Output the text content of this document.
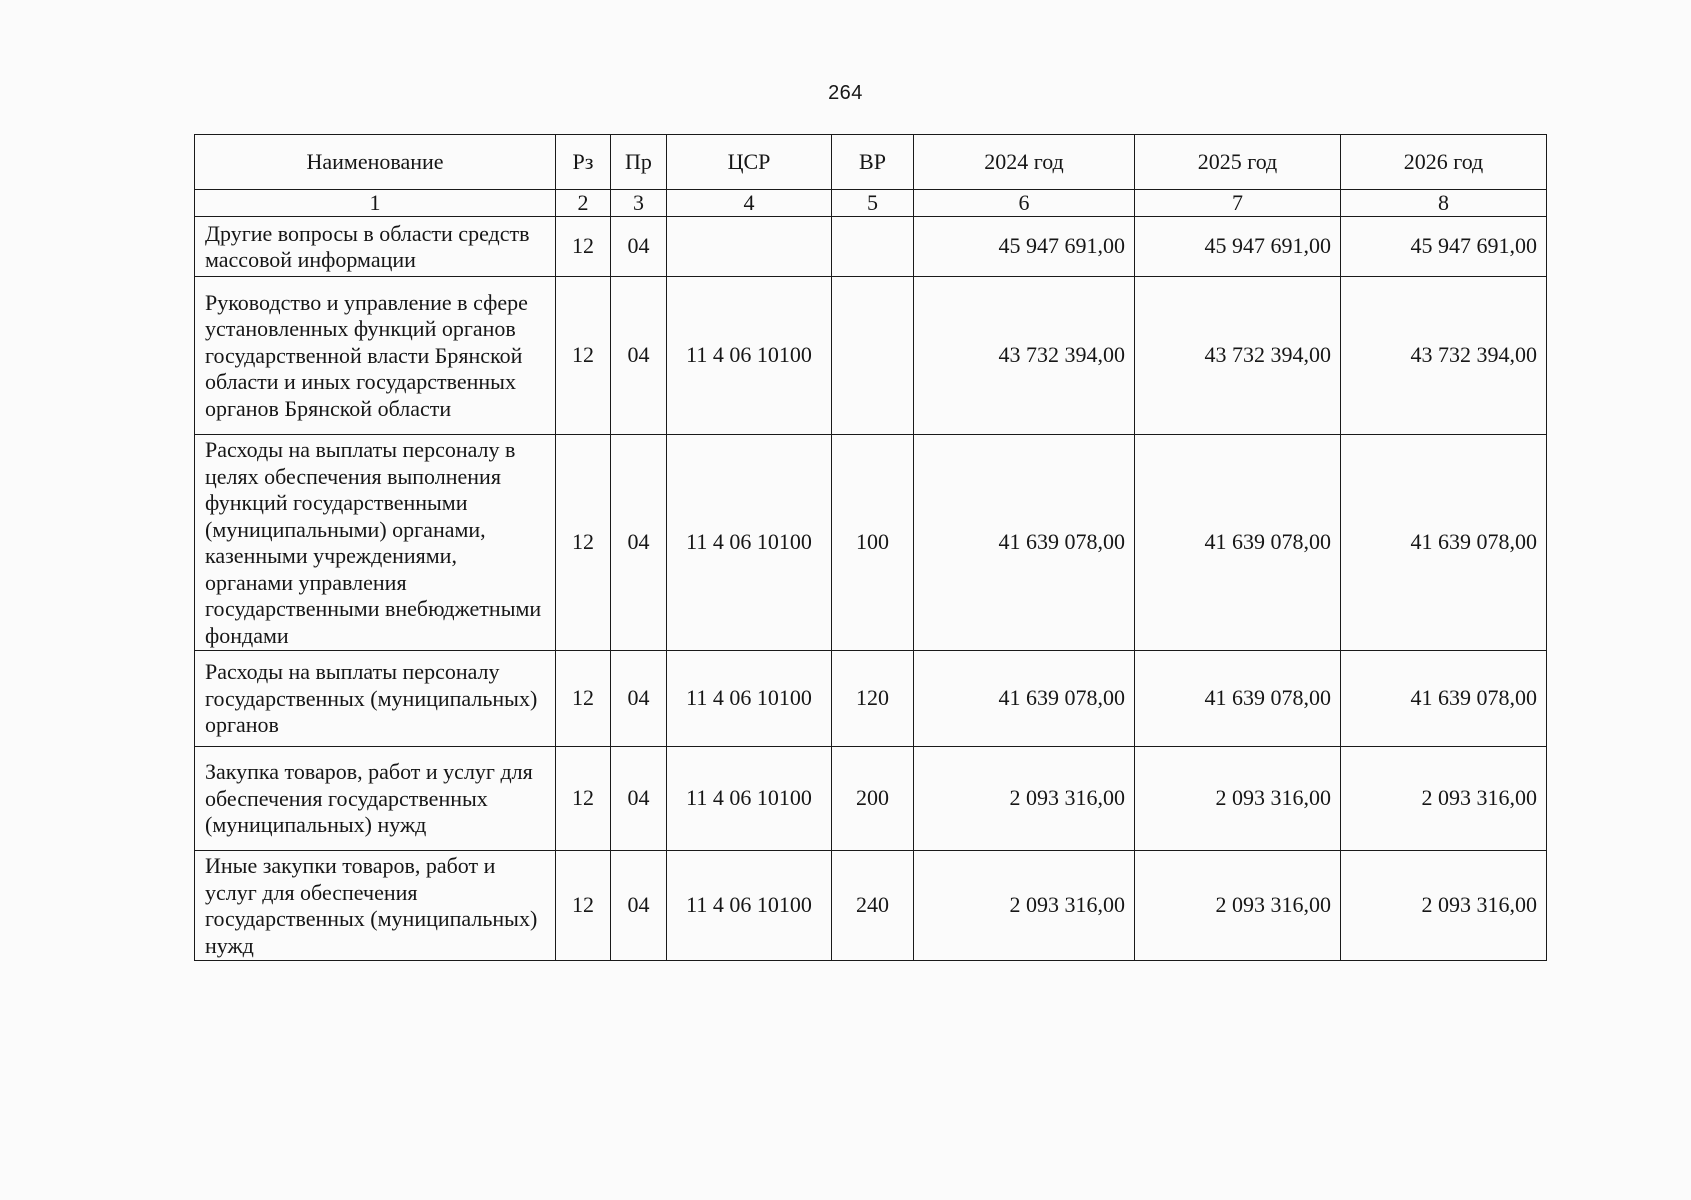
264
Наименование	Рз	Пр	ЦСР	ВР	2024 год	2025 год	2026 год
1	2	3	4	5	6	7	8
Другие вопросы в области средств массовой информации	12	04			45 947 691,00	45 947 691,00	45 947 691,00
Руководство и управление в сфере установленных функций органов государственной власти Брянской области и иных государственных органов Брянской области	12	04	11 4 06 10100		43 732 394,00	43 732 394,00	43 732 394,00
Расходы на выплаты персоналу в целях обеспечения выполнения функций государственными (муниципальными) органами, казенными учреждениями, органами управления государственными внебюджетными фондами	12	04	11 4 06 10100	100	41 639 078,00	41 639 078,00	41 639 078,00
Расходы на выплаты персоналу государственных (муниципальных) органов	12	04	11 4 06 10100	120	41 639 078,00	41 639 078,00	41 639 078,00
Закупка товаров, работ и услуг для обеспечения государственных (муниципальных) нужд	12	04	11 4 06 10100	200	2 093 316,00	2 093 316,00	2 093 316,00
Иные закупки товаров, работ и услуг для обеспечения государственных (муниципальных) нужд	12	04	11 4 06 10100	240	2 093 316,00	2 093 316,00	2 093 316,00
